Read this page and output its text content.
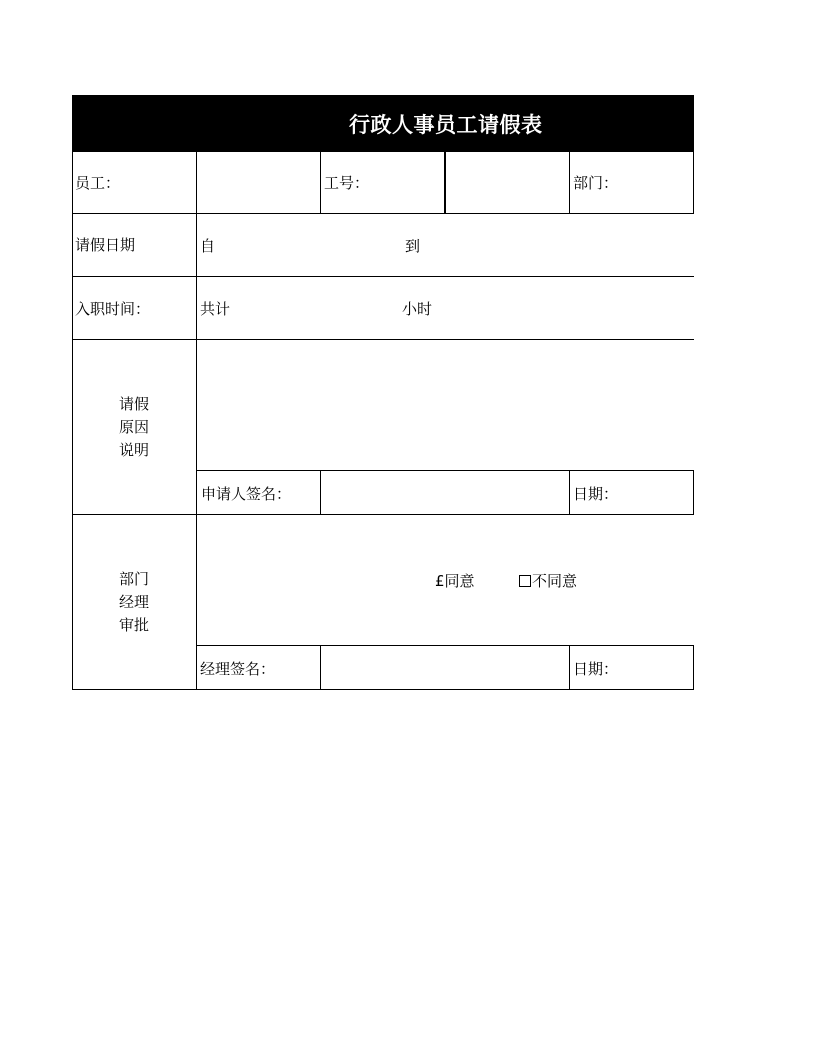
行政人事员工请假表
员工：	工号：	部门：
请假日期	自	到
入职时间：	共计	小时
请假
原因
说明
申请人签名：	日期：
部门
经理
审批
£同意	不同意
经理签名：	日期：
